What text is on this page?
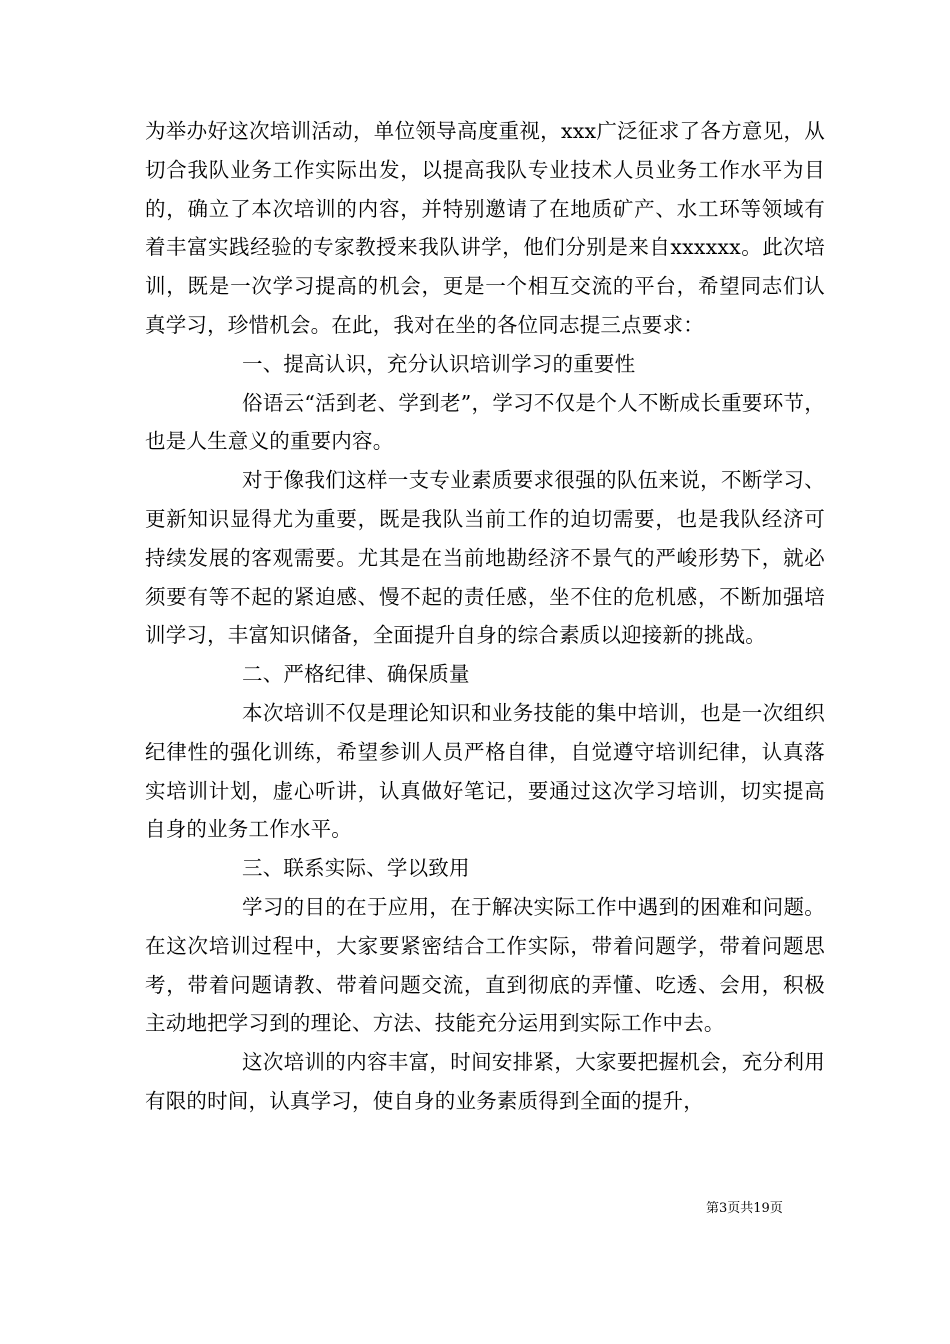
为举办好这次培训活动，单位领导高度重视，xxx广泛征求了各方意见，从切合我队业务工作实际出发，以提高我队专业技术人员业务工作水平为目的，确立了本次培训的内容，并特别邀请了在地质矿产、水工环等领域有着丰富实践经验的专家教授来我队讲学，他们分别是来自xxxxxx。此次培训，既是一次学习提高的机会，更是一个相互交流的平台，希望同志们认真学习，珍惜机会。在此，我对在坐的各位同志提三点要求：

一、提高认识，充分认识培训学习的重要性

俗语云“活到老、学到老”，学习不仅是个人不断成长重要环节，也是人生意义的重要内容。

对于像我们这样一支专业素质要求很强的队伍来说，不断学习、更新知识显得尤为重要，既是我队当前工作的迫切需要，也是我队经济可持续发展的客观需要。尤其是在当前地勘经济不景气的严峻形势下，就必须要有等不起的紧迫感、慢不起的责任感，坐不住的危机感，不断加强培训学习，丰富知识储备，全面提升自身的综合素质以迎接新的挑战。

二、严格纪律、确保质量

本次培训不仅是理论知识和业务技能的集中培训，也是一次组织纪律性的强化训练，希望参训人员严格自律，自觉遵守培训纪律，认真落实培训计划，虚心听讲，认真做好笔记，要通过这次学习培训，切实提高自身的业务工作水平。

三、联系实际、学以致用

学习的目的在于应用，在于解决实际工作中遇到的困难和问题。在这次培训过程中，大家要紧密结合工作实际，带着问题学，带着问题思考，带着问题请教、带着问题交流，直到彻底的弄懂、吃透、会用，积极主动地把学习到的理论、方法、技能充分运用到实际工作中去。

这次培训的内容丰富，时间安排紧，大家要把握机会，充分利用有限的时间，认真学习，使自身的业务素质得到全面的提升，

第3页共19页
